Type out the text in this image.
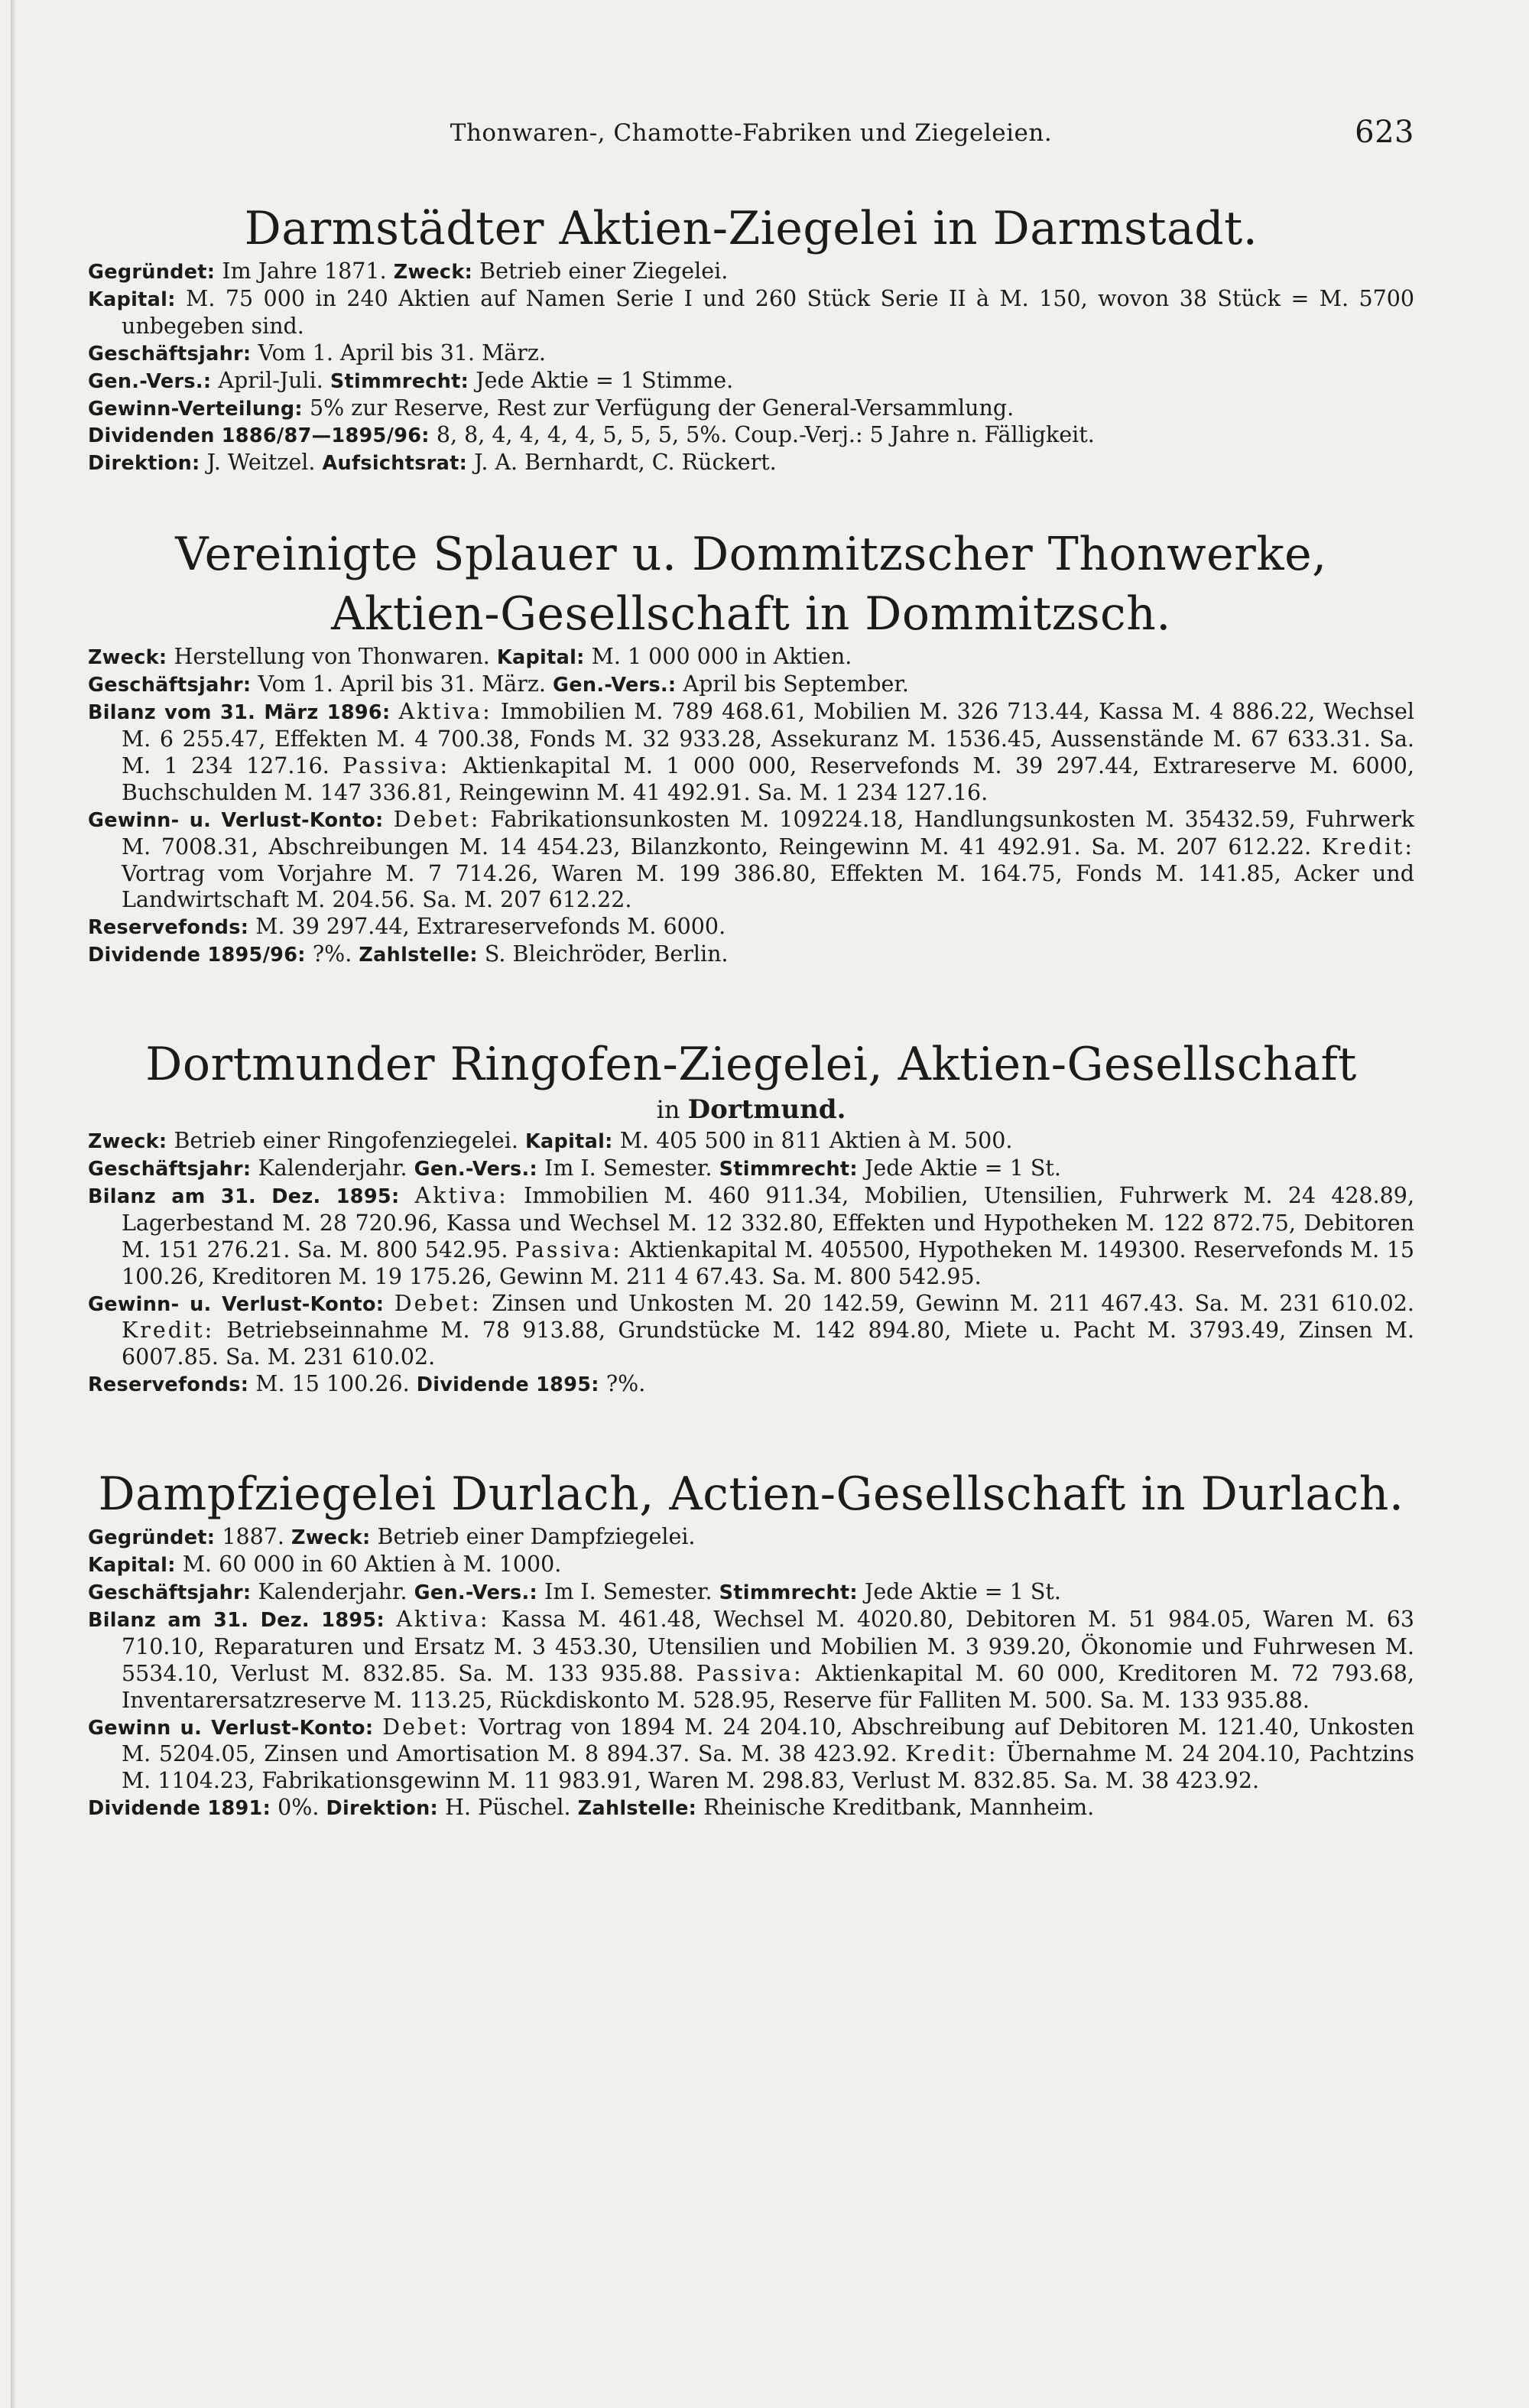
Thonwaren-, Chamotte-Fabriken und Ziegeleien.	623
Darmstädter Aktien-Ziegelei in Darmstadt.

Gegründet: Im Jahre 1871. Zweck: Betrieb einer Ziegelei.

Kapital: M. 75 000 in 240 Aktien auf Namen Serie I und 260 Stück Serie II à M. 150, wovon 38 Stück = M. 5700 unbegeben sind.

Geschäftsjahr: Vom 1. April bis 31. März.

Gen.-Vers.: April-Juli. Stimmrecht: Jede Aktie = 1 Stimme.

Gewinn-Verteilung: 5% zur Reserve, Rest zur Verfügung der General-Versammlung.

Dividenden 1886/87—1895/96: 8, 8, 4, 4, 4, 4, 5, 5, 5, 5%. Coup.-Verj.: 5 Jahre n. Fälligkeit.

Direktion: J. Weitzel. Aufsichtsrat: J. A. Bernhardt, C. Rückert.

Vereinigte Splauer u. Dommitzscher Thonwerke, Aktien-Gesellschaft in Dommitzsch.

Zweck: Herstellung von Thonwaren. Kapital: M. 1 000 000 in Aktien.

Geschäftsjahr: Vom 1. April bis 31. März. Gen.-Vers.: April bis September.

Bilanz vom 31. März 1896: Aktiva: Immobilien M. 789 468.61, Mobilien M. 326 713.44, Kassa M. 4 886.22, Wechsel M. 6 255.47, Effekten M. 4 700.38, Fonds M. 32 933.28, Assekuranz M. 1536.45, Aussenstände M. 67 633.31. Sa. M. 1 234 127.16. Passiva: Aktienkapital M. 1 000 000, Reservefonds M. 39 297.44, Extrareserve M. 6000, Buchschulden M. 147 336.81, Reingewinn M. 41 492.91. Sa. M. 1 234 127.16.

Gewinn- u. Verlust-Konto: Debet: Fabrikationsunkosten M. 109224.18, Handlungsunkosten M. 35432.59, Fuhrwerk M. 7008.31, Abschreibungen M. 14 454.23, Bilanzkonto, Reingewinn M. 41 492.91. Sa. M. 207 612.22. Kredit: Vortrag vom Vorjahre M. 7 714.26, Waren M. 199 386.80, Effekten M. 164.75, Fonds M. 141.85, Acker und Landwirtschaft M. 204.56. Sa. M. 207 612.22.

Reservefonds: M. 39 297.44, Extrareservefonds M. 6000.

Dividende 1895/96: ?%. Zahlstelle: S. Bleichröder, Berlin.

Dortmunder Ringofen-Ziegelei, Aktien-Gesellschaft
in Dortmund.

Zweck: Betrieb einer Ringofenziegelei. Kapital: M. 405 500 in 811 Aktien à M. 500.

Geschäftsjahr: Kalenderjahr. Gen.-Vers.: Im I. Semester. Stimmrecht: Jede Aktie = 1 St.

Bilanz am 31. Dez. 1895: Aktiva: Immobilien M. 460 911.34, Mobilien, Utensilien, Fuhrwerk M. 24 428.89, Lagerbestand M. 28 720.96, Kassa und Wechsel M. 12 332.80, Effekten und Hypotheken M. 122 872.75, Debitoren M. 151 276.21. Sa. M. 800 542.95. Passiva: Aktienkapital M. 405500, Hypotheken M. 149300. Reservefonds M. 15 100.26, Kreditoren M. 19 175.26, Gewinn M. 211 4 67.43. Sa. M. 800 542.95.

Gewinn- u. Verlust-Konto: Debet: Zinsen und Unkosten M. 20 142.59, Gewinn M. 211 467.43. Sa. M. 231 610.02. Kredit: Betriebseinnahme M. 78 913.88, Grundstücke M. 142 894.80, Miete u. Pacht M. 3793.49, Zinsen M. 6007.85. Sa. M. 231 610.02.

Reservefonds: M. 15 100.26. Dividende 1895: ?%.

Dampfziegelei Durlach, Actien-Gesellschaft in Durlach.

Gegründet: 1887. Zweck: Betrieb einer Dampfziegelei.

Kapital: M. 60 000 in 60 Aktien à M. 1000.

Geschäftsjahr: Kalenderjahr. Gen.-Vers.: Im I. Semester. Stimmrecht: Jede Aktie = 1 St.

Bilanz am 31. Dez. 1895: Aktiva: Kassa M. 461.48, Wechsel M. 4020.80, Debitoren M. 51 984.05, Waren M. 63 710.10, Reparaturen und Ersatz M. 3 453.30, Utensilien und Mobilien M. 3 939.20, Ökonomie und Fuhrwesen M. 5534.10, Verlust M. 832.85. Sa. M. 133 935.88. Passiva: Aktienkapital M. 60 000, Kreditoren M. 72 793.68, Inventarersatzreserve M. 113.25, Rückdiskonto M. 528.95, Reserve für Falliten M. 500. Sa. M. 133 935.88.

Gewinn u. Verlust-Konto: Debet: Vortrag von 1894 M. 24 204.10, Abschreibung auf Debitoren M. 121.40, Unkosten M. 5204.05, Zinsen und Amortisation M. 8 894.37. Sa. M. 38 423.92. Kredit: Übernahme M. 24 204.10, Pachtzins M. 1104.23, Fabrikationsgewinn M. 11 983.91, Waren M. 298.83, Verlust M. 832.85. Sa. M. 38 423.92.

Dividende 1891: 0%. Direktion: H. Püschel. Zahlstelle: Rheinische Kreditbank, Mannheim.
